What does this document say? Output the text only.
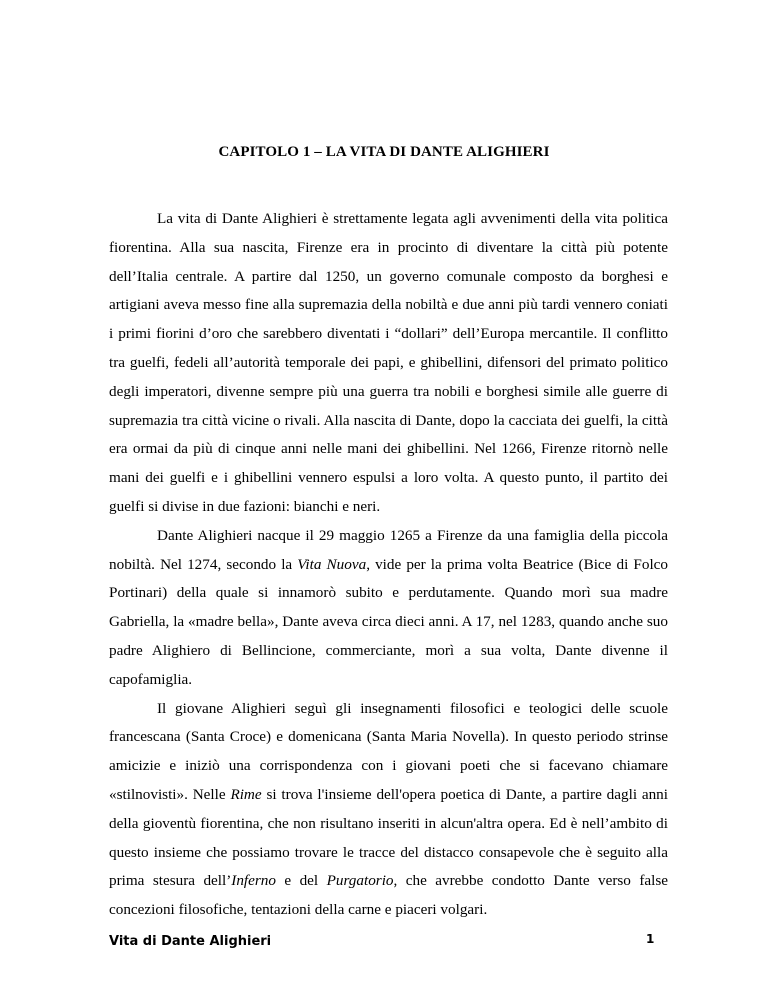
CAPITOLO 1 – LA VITA DI DANTE ALIGHIERI

La vita di Dante Alighieri è strettamente legata agli avvenimenti della vita politica fiorentina. Alla sua nascita, Firenze era in procinto di diventare la città più potente dell’Italia centrale. A partire dal 1250, un governo comunale composto da borghesi e artigiani aveva messo fine alla supremazia della nobiltà e due anni più tardi vennero coniati i primi fiorini d’oro che sarebbero diventati i “dollari” dell’Europa mercantile. Il conflitto tra guelfi, fedeli all’autorità temporale dei papi, e ghibellini, difensori del primato politico degli imperatori, divenne sempre più una guerra tra nobili e borghesi simile alle guerre di supremazia tra città vicine o rivali. Alla nascita di Dante, dopo la cacciata dei guelfi, la città era ormai da più di cinque anni nelle mani dei ghibellini. Nel 1266, Firenze ritornò nelle mani dei guelfi e i ghibellini vennero espulsi a loro volta. A questo punto, il partito dei guelfi si divise in due fazioni: bianchi e neri.

Dante Alighieri nacque il 29 maggio 1265 a Firenze da una famiglia della piccola nobiltà. Nel 1274, secondo la Vita Nuova, vide per la prima volta Beatrice (Bice di Folco Portinari) della quale si innamorò subito e perdutamente. Quando morì sua madre Gabriella, la «madre bella», Dante aveva circa dieci anni. A 17, nel 1283, quando anche suo padre Alighiero di Bellincione, commerciante, morì a sua volta, Dante divenne il capofamiglia.

Il giovane Alighieri seguì gli insegnamenti filosofici e teologici delle scuole francescana (Santa Croce) e domenicana (Santa Maria Novella). In questo periodo strinse amicizie e iniziò una corrispondenza con i giovani poeti che si facevano chiamare «stilnovisti». Nelle Rime si trova l'insieme dell'opera poetica di Dante, a partire dagli anni della gioventù fiorentina, che non risultano inseriti in alcun'altra opera. Ed è nell’ambito di questo insieme che possiamo trovare le tracce del distacco consapevole che è seguito alla prima stesura dell’Inferno e del Purgatorio, che avrebbe condotto Dante verso false concezioni filosofiche, tentazioni della carne e piaceri volgari.

Vita di Dante Alighieri	1
